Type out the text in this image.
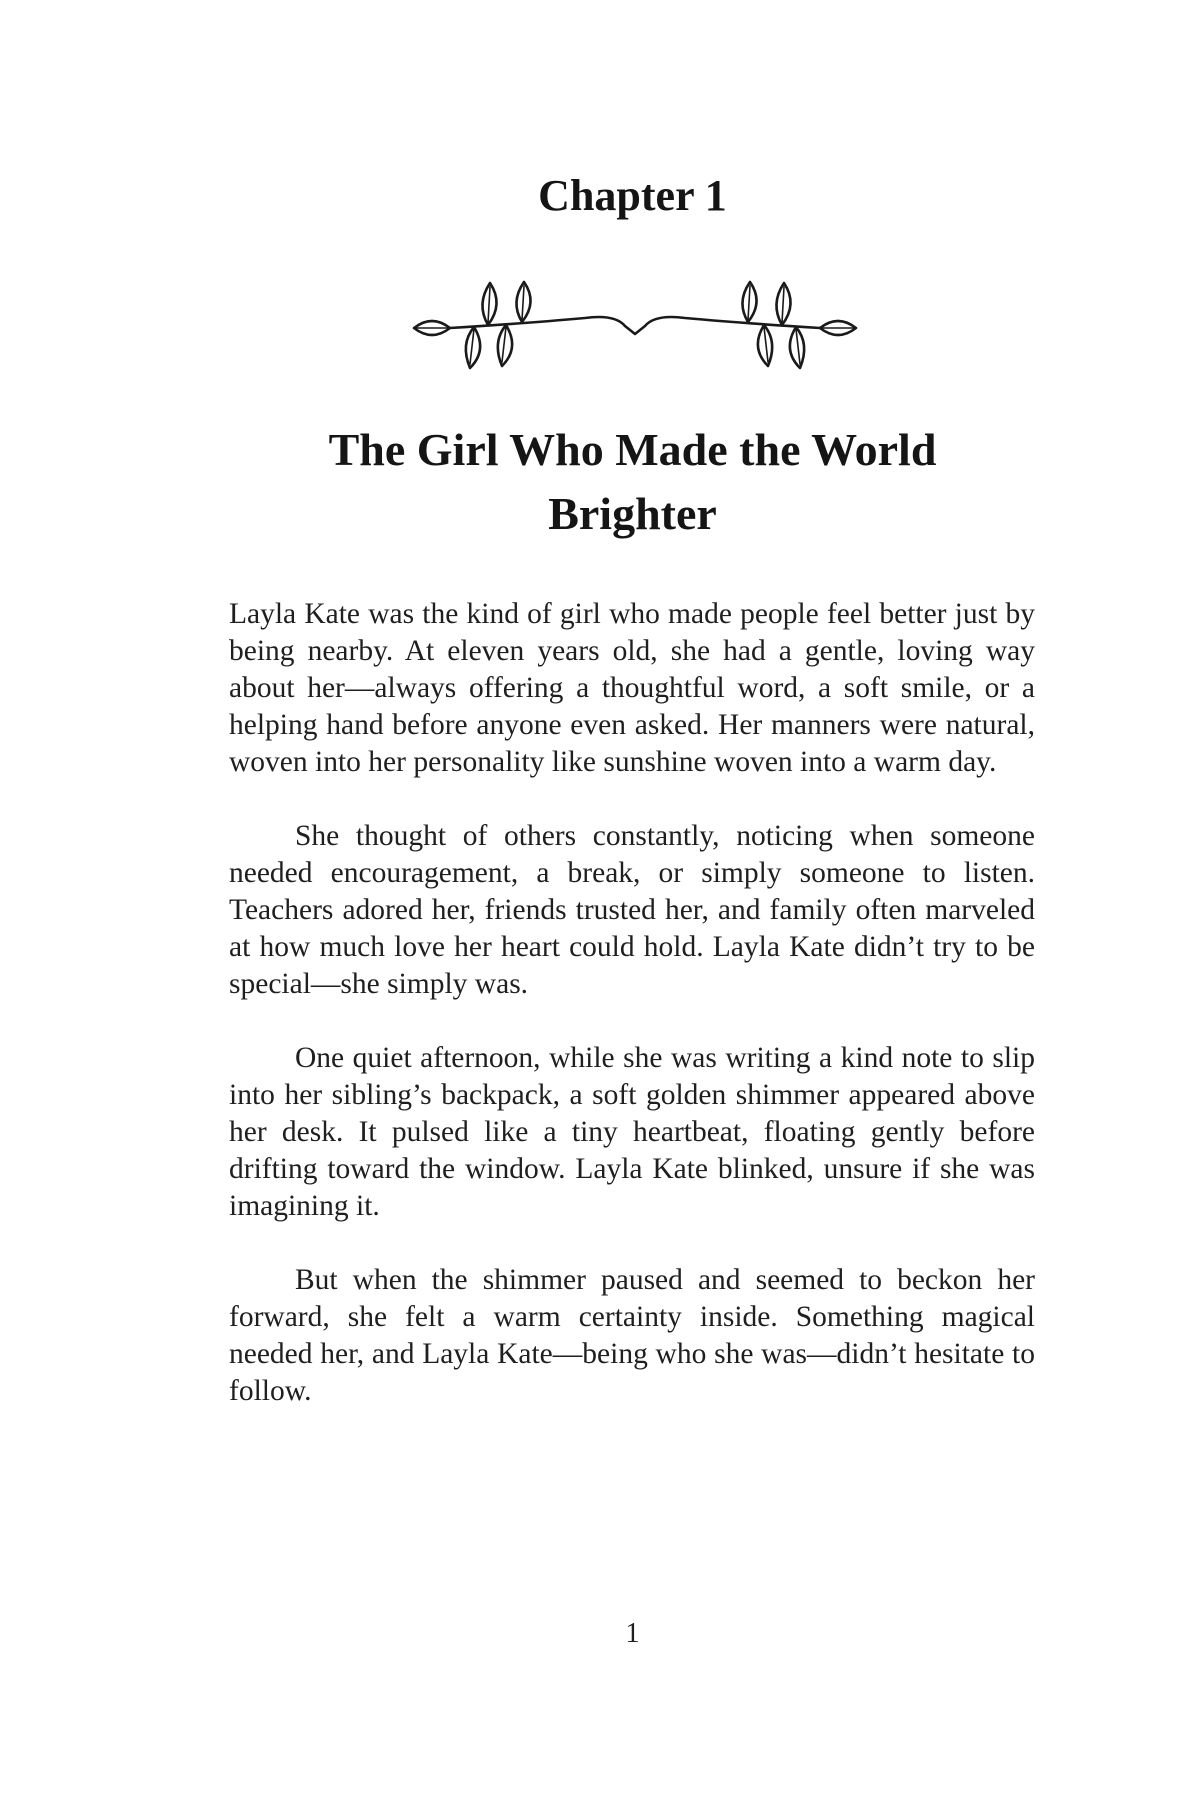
Chapter 1
The Girl Who Made the World Brighter

Layla Kate was the kind of girl who made people feel better just by being nearby. At eleven years old, she had a gentle, loving way about her—always offering a thoughtful word, a soft smile, or a helping hand before anyone even asked. Her manners were natural, woven into her personality like sunshine woven into a warm day.

She thought of others constantly, noticing when someone needed encouragement, a break, or simply someone to listen. Teachers adored her, friends trusted her, and family often marveled at how much love her heart could hold. Layla Kate didn’t try to be special—she simply was.

One quiet afternoon, while she was writing a kind note to slip into her sibling’s backpack, a soft golden shimmer appeared above her desk. It pulsed like a tiny heartbeat, floating gently before drifting toward the window. Layla Kate blinked, unsure if she was imagining it.

But when the shimmer paused and seemed to beckon her forward, she felt a warm certainty inside. Something magical needed her, and Layla Kate—being who she was—didn’t hesitate to follow.

1
